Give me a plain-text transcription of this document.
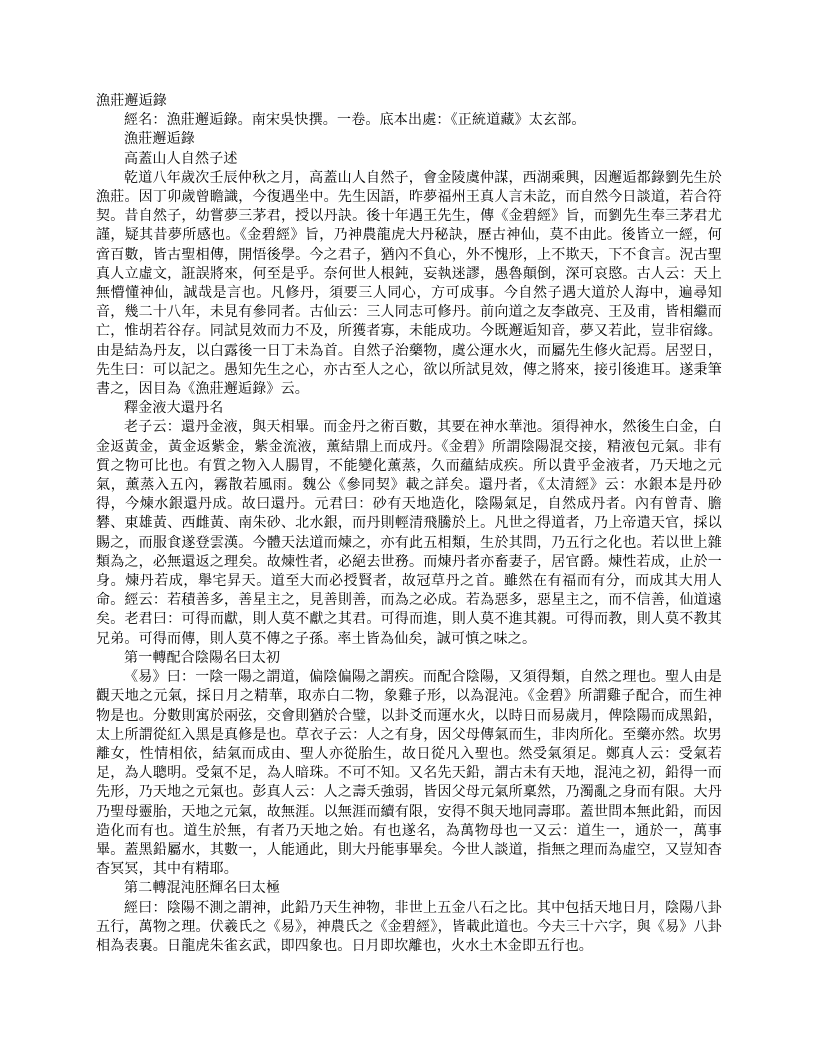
漁莊邂逅錄

經名：漁莊邂逅錄。南宋吳快撰。一卷。底本出處：《正統道藏》太玄部。

漁莊邂逅錄

高蓋山人自然子述

乾道八年歲次壬辰仲秋之月，高蓋山人自然子，會金陵虞仲謀，西湖乘興，因邂逅都錄劉先生於漁莊。因丁卯歲曾瞻識，今復遇坐中。先生因語，昨夢福州王真人言未訖，而自然今日談道，若合符契。昔自然子，幼嘗夢三茅君，授以丹訣。後十年遇王先生，傳《金碧經》旨，而劉先生奉三茅君尤謹，疑其昔夢所感也。《金碧經》旨，乃神農龍虎大丹秘訣，歷古神仙，莫不由此。後皆立一經，何啻百數，皆古聖相傳，開悟後學。今之君子，猶內不負心，外不愧形，上不欺天，下不食言。況古聖真人立虛文，誑誤將來，何至是乎。奈何世人根鈍，妄執迷謬，愚魯顛倒，深可哀愍。古人云：天上無懵懂神仙，誠哉是言也。凡修丹，須要三人同心，方可成事。今自然子遇大道於人海中，遍尋知音，幾二十八年，未見有參同者。古仙云：三人同志可修丹。前向道之友李啟亮、王及甫，皆相繼而亡，惟胡若谷存。同試見效而力不及，所獲者寡，未能成功。今既邂逅知音，夢又若此，豈非宿緣。由是結為丹友，以白露後一日丁未為首。自然子治藥物，虞公運水火，而屬先生修火記焉。居翌日，先生曰：可以記之。愚知先生之心，亦古至人之心，欲以所試見效，傳之將來，接引後進耳。遂秉筆書之，因目為《漁莊邂逅錄》云。

釋金液大還丹名

老子云：還丹金液，與天相畢。而金丹之術百數，其要在神水華池。須得神水，然後生白金，白金返黃金，黃金返紫金，紫金流液，薰結鼎上而成丹。《金碧》所謂陰陽混交接，精液包元氣。非有質之物可比也。有質之物入人腸胃，不能變化薰蒸，久而蘊結成疾。所以貴乎金液者，乃天地之元氣，薰蒸入五內，霧散若風雨。魏公《參同契》載之詳矣。還丹者，《太清經》云：水銀本是丹砂得，今煉水銀還丹成。故曰還丹。元君曰：砂有天地造化，陰陽氣足，自然成丹者。內有曾青、膽礬、東雄黃、西雌黃、南朱砂、北水銀，而丹則輕清飛騰於上。凡世之得道者，乃上帝遣天官，採以賜之，而服食遂登雲漢。今體天法道而煉之，亦有此五相類，生於其問，乃五行之化也。若以世上雜類為之，必無還返之理矣。故煉性者，必絕去世務。而煉丹者亦畜妻子，居官爵。煉性若成，止於一身。煉丹若成，舉宅昇天。道至大而必授賢者，故冠草丹之首。雖然在有福而有分，而成其大用人命。經云：若積善多，善星主之，見善則善，而為之必成。若為惡多，惡星主之，而不信善，仙道遠矣。老君曰：可得而獻，則人莫不獻之其君。可得而進，則人莫不進其親。可得而教，則人莫不教其兄弟。可得而傳，則人莫不傳之子孫。率土皆為仙矣，誠可慎之味之。

第一轉配合陰陽名曰太初

《易》曰：一陰一陽之謂道，偏陰偏陽之謂疾。而配合陰陽，又須得類，自然之理也。聖人由是觀天地之元氣，採日月之精華，取赤白二物，象雞子形，以為混沌。《金碧》所謂雞子配合，而生神物是也。分數則寓於兩弦，交會則猶於合璧，以卦爻而運水火，以時日而易歲月，俾陰陽而成黑鉛，太上所謂從紅入黑是真修是也。草衣子云：人之有身，因父母傳氣而生，非肉所化。至藥亦然。坎男離女，性情相依，結氣而成由、聖人亦從胎生，故日從凡入聖也。然受氣須足。鄭真人云：受氣若足，為人聰明。受氣不足，為人暗珠。不可不知。又名先天鉛，謂古未有天地，混沌之初，鉛得一而先形，乃天地之元氣也。彭真人云：人之壽夭強弱，皆因父母元氣所稟然，乃濁亂之身而有限。大丹乃聖母靈胎，天地之元氣，故無涯。以無涯而續有限，安得不與天地同壽耶。蓋世問本無此鉛，而因造化而有也。道生於無，有者乃天地之始。有也遂名，為萬物母也一又云：道生一，通於一，萬事畢。蓋黑鉛屬水，其數一，人能通此，則大丹能事畢矣。今世人談道，指無之理而為虛空，又豈知杳杳冥冥，其中有精耶。

第二轉混沌胚輝名曰太極

經曰：陰陽不測之謂神，此鉛乃天生神物，非世上五金八石之比。其中包括天地日月，陰陽八卦五行，萬物之理。伏羲氏之《易》，神農氏之《金碧經》，皆載此道也。今夫三十六字，與《易》八卦相為表裏。日龍虎朱雀玄武，即四象也。日月即坎離也，火水土木金即五行也。
